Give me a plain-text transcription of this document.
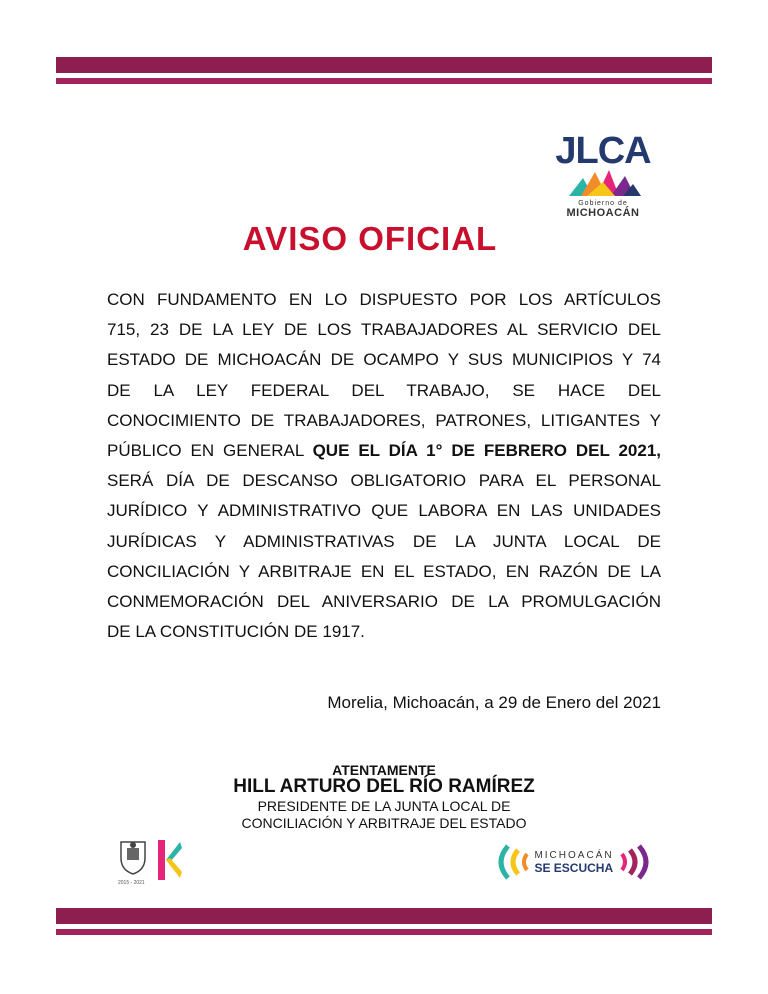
JLCA
Gobierno de
MICHOACÁN
AVISO OFICIAL
CON FUNDAMENTO EN LO DISPUESTO POR LOS ARTÍCULOS
715, 23 DE LA LEY DE LOS TRABAJADORES AL SERVICIO DEL
ESTADO DE MICHOACÁN DE OCAMPO Y SUS MUNICIPIOS Y 74
DE LA LEY FEDERAL DEL TRABAJO, SE HACE DEL
CONOCIMIENTO DE TRABAJADORES, PATRONES, LITIGANTES Y
PÚBLICO EN GENERAL QUE EL DÍA 1° DE FEBRERO DEL 2021,
SERÁ DÍA DE DESCANSO OBLIGATORIO PARA EL PERSONAL
JURÍDICO Y ADMINISTRATIVO QUE LABORA EN LAS UNIDADES
JURÍDICAS Y ADMINISTRATIVAS DE LA JUNTA LOCAL DE
CONCILIACIÓN Y ARBITRAJE EN EL ESTADO, EN RAZÓN DE LA
CONMEMORACIÓN DEL ANIVERSARIO DE LA PROMULGACIÓN
DE LA CONSTITUCIÓN DE 1917.
Morelia, Michoacán, a 29 de Enero del 2021
ATENTAMENTE
HILL ARTURO DEL RÍO RAMÍREZ
PRESIDENTE DE LA JUNTA LOCAL DE
CONCILIACIÓN Y ARBITRAJE DEL ESTADO

2015 - 2021

MICHOACÁN
SE ESCUCHA
